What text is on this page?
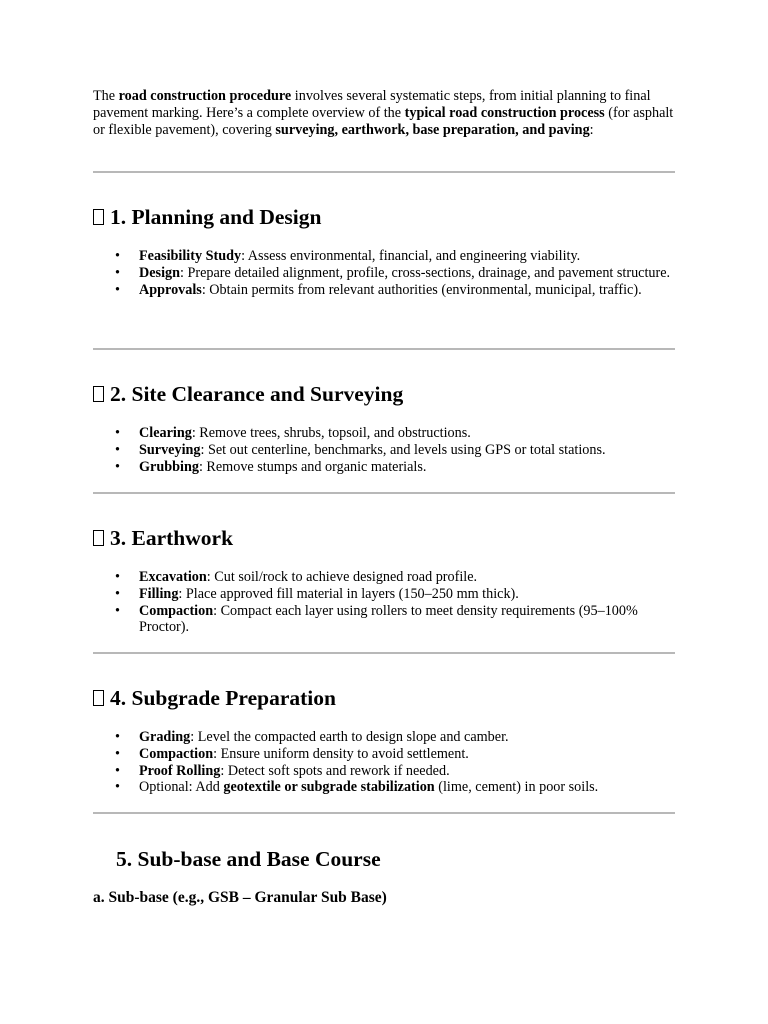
The road construction procedure involves several systematic steps, from initial planning to final pavement marking. Here’s a complete overview of the typical road construction process (for asphalt or flexible pavement), covering surveying, earthwork, base preparation, and paving:

1. Planning and Design
• Feasibility Study: Assess environmental, financial, and engineering viability.
• Design: Prepare detailed alignment, profile, cross-sections, drainage, and pavement structure.
• Approvals: Obtain permits from relevant authorities (environmental, municipal, traffic).
2. Site Clearance and Surveying
• Clearing: Remove trees, shrubs, topsoil, and obstructions.
• Surveying: Set out centerline, benchmarks, and levels using GPS or total stations.
• Grubbing: Remove stumps and organic materials.
3. Earthwork
• Excavation: Cut soil/rock to achieve designed road profile.
• Filling: Place approved fill material in layers (150–250 mm thick).
• Compaction: Compact each layer using rollers to meet density requirements (95–100% Proctor).
4. Subgrade Preparation
• Grading: Level the compacted earth to design slope and camber.
• Compaction: Ensure uniform density to avoid settlement.
• Proof Rolling: Detect soft spots and rework if needed.
• Optional: Add geotextile or subgrade stabilization (lime, cement) in poor soils.
5. Sub-base and Base Course
a. Sub-base (e.g., GSB – Granular Sub Base)
